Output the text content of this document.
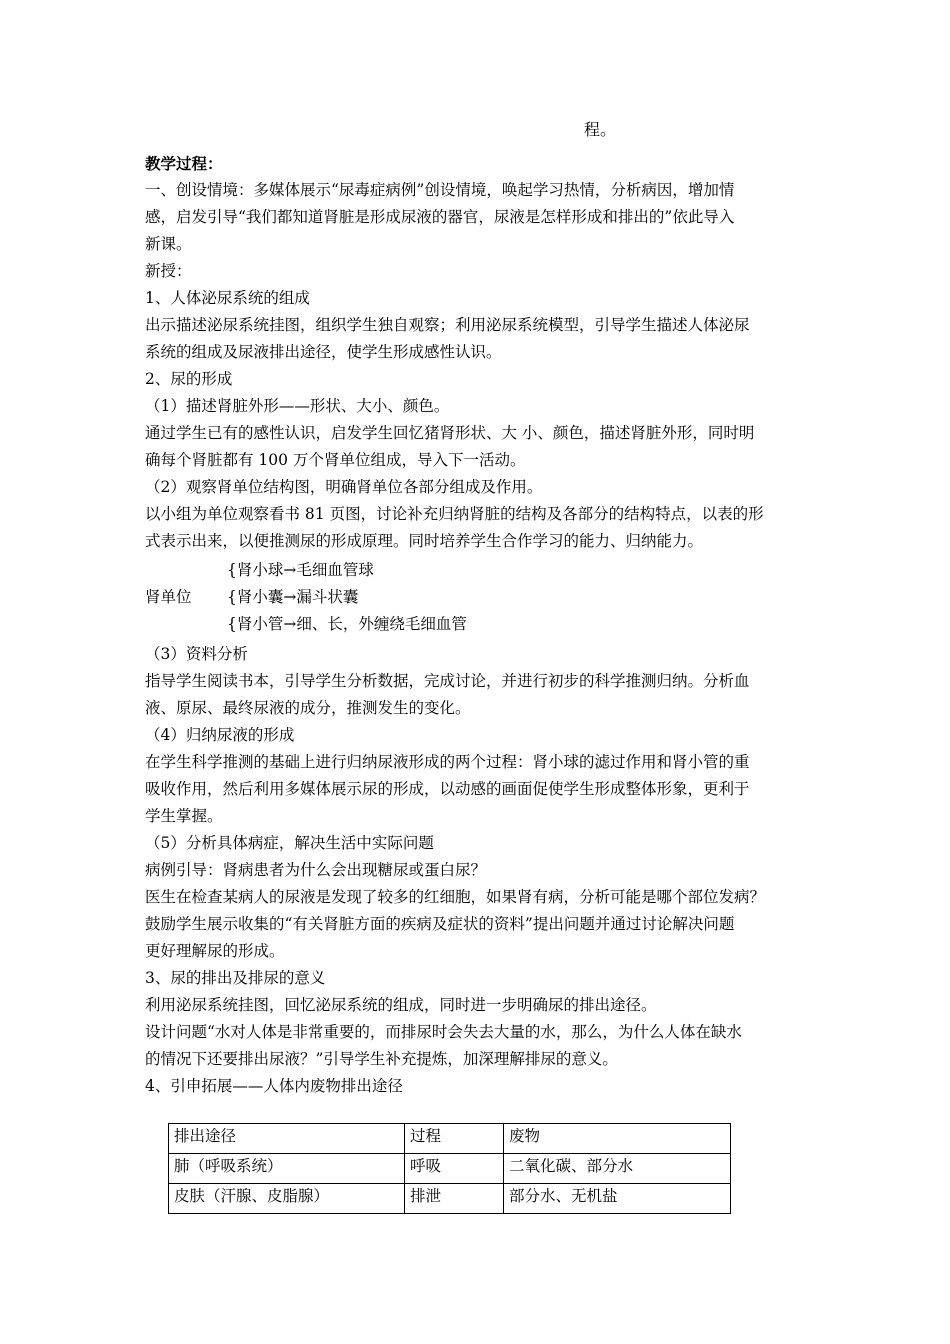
程。
教学过程：
一、创设情境：多媒体展示“尿毒症病例”创设情境，唤起学习热情，分析病因，增加情
感，启发引导“我们都知道肾脏是形成尿液的器官，尿液是怎样形成和排出的”依此导入
新课。
新授：
1、人体泌尿系统的组成
出示描述泌尿系统挂图，组织学生独自观察；利用泌尿系统模型，引导学生描述人体泌尿
系统的组成及尿液排出途径，使学生形成感性认识。
2、尿的形成
（1）描述肾脏外形——形状、大小、颜色。
通过学生已有的感性认识，启发学生回忆猪肾形状、大 小、颜色，描述肾脏外形，同时明
确每个肾脏都有 100 万个肾单位组成，导入下一活动。
（2）观察肾单位结构图，明确肾单位各部分组成及作用。
以小组为单位观察看书 81 页图，讨论补充归纳肾脏的结构及各部分的结构特点，以表的形
式表示出来，以便推测尿的形成原理。同时培养学生合作学习的能力、归纳能力。
肾单位
{肾小球→毛细血管球
{肾小囊→漏斗状囊
{肾小管→细、长，外缠绕毛细血管
（3）资料分析
指导学生阅读书本，引导学生分析数据，完成讨论，并进行初步的科学推测归纳。分析血
液、原尿、最终尿液的成分，推测发生的变化。
（4）归纳尿液的形成
在学生科学推测的基础上进行归纳尿液形成的两个过程：肾小球的滤过作用和肾小管的重
吸收作用，然后利用多媒体展示尿的形成，以动感的画面促使学生形成整体形象，更利于
学生掌握。
（5）分析具体病症，解决生活中实际问题
病例引导：肾病患者为什么会出现糖尿或蛋白尿？
医生在检查某病人的尿液是发现了较多的红细胞，如果肾有病，分析可能是哪个部位发病？
鼓励学生展示收集的“有关肾脏方面的疾病及症状的资料”提出问题并通过讨论解决问题
更好理解尿的形成。
3、尿的排出及排尿的意义
利用泌尿系统挂图，回忆泌尿系统的组成，同时进一步明确尿的排出途径。
设计问题“水对人体是非常重要的，而排尿时会失去大量的水，那么，为什么人体在缺水
的情况下还要排出尿液？”引导学生补充提炼，加深理解排尿的意义。
4、引申拓展——人体内废物排出途径
排出途径	过程	废物
肺（呼吸系统）	呼吸	二氧化碳、部分水
皮肤（汗腺、皮脂腺）	排泄	部分水、无机盐
